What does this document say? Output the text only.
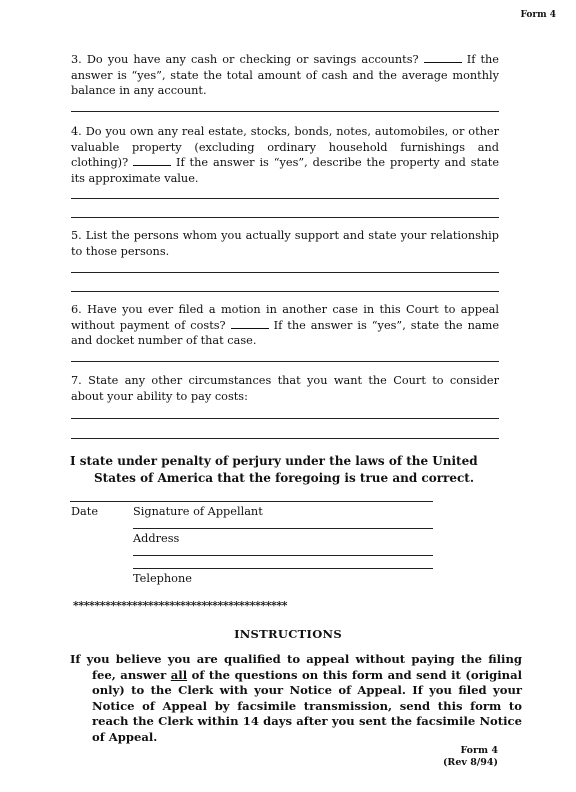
Form 4
3. Do you have any cash or checking or savings accounts?	If the answer is “yes”, state the total amount of cash and the average monthly balance in any account.
4. Do you own any real estate, stocks, bonds, notes, automobiles, or other valuable property (excluding ordinary household furnishings and clothing)?	If the answer is “yes”, describe the property and state its approximate value.
5. List the persons whom you actually support and state your relationship to those persons.
6. Have you ever filed a motion in another case in this Court to appeal without payment of costs?	If the answer is “yes”, state the name and docket number of that case.
7. State any other circumstances that you want the Court to consider about your ability to pay costs:
I state under penalty of perjury under the laws of the United
States of America that the foregoing is true and correct.
Date	Signature of Appellant
Address
Telephone
****************************************
INSTRUCTIONS
If you believe you are qualified to appeal without paying the filing fee, answer all of the questions on this form and send it (original only) to the Clerk with your Notice of Appeal. If you filed your Notice of Appeal by facsimile transmission, send this form to reach the Clerk within 14 days after you sent the facsimile Notice of Appeal.
Form 4
(Rev 8/94)
